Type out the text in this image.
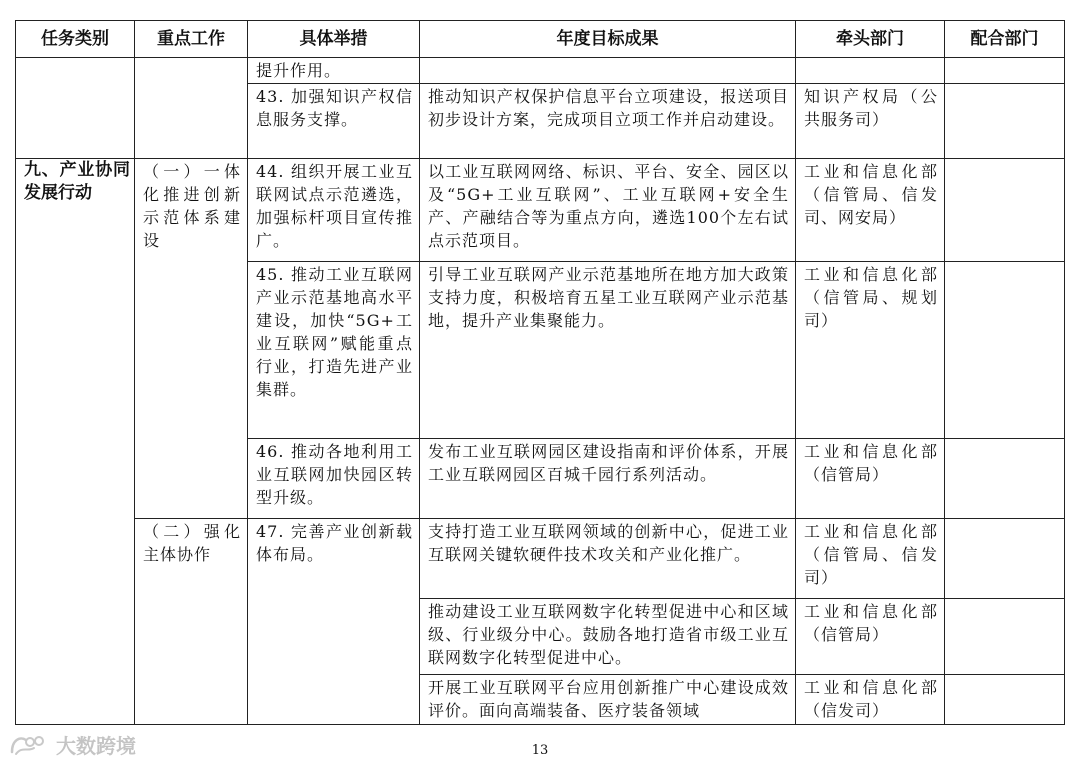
任务类别	重点工作	具体举措	年度目标成果	牵头部门	配合部门

		提升作用。			

		43. 加强知识产权信息服务支撑。	推动知识产权保护信息平台立项建设，报送项目初步设计方案，完成项目立项工作并启动建设。	知识产权局（公共服务司）	

九、产业协同发展行动	（一）一体化推进创新示范体系建设	44. 组织开展工业互联网试点示范遴选，加强标杆项目宣传推广。	以工业互联网网络、标识、平台、安全、园区以及“5G+工业互联网”、工业互联网+安全生产、产融结合等为重点方向，遴选100个左右试点示范项目。	工业和信息化部（信管局、信发司、网安局）	

		45. 推动工业互联网产业示范基地高水平建设，加快“5G+工业互联网”赋能重点行业，打造先进产业集群。	引导工业互联网产业示范基地所在地方加大政策支持力度，积极培育五星工业互联网产业示范基地，提升产业集聚能力。	工业和信息化部（信管局、规划司）	

		46. 推动各地利用工业互联网加快园区转型升级。	发布工业互联网园区建设指南和评价体系，开展工业互联网园区百城千园行系列活动。	工业和信息化部（信管局）	

	（二）强化主体协作	47. 完善产业创新载体布局。	支持打造工业互联网领域的创新中心，促进工业互联网关键软硬件技术攻关和产业化推广。	工业和信息化部（信管局、信发司）	

			推动建设工业互联网数字化转型促进中心和区域级、行业级分中心。鼓励各地打造省市级工业互联网数字化转型促进中心。	工业和信息化部（信管局）	

			开展工业互联网平台应用创新推广中心建设成效评价。面向高端装备、医疗装备领域	工业和信息化部（信发司）	

大数跨境	13
